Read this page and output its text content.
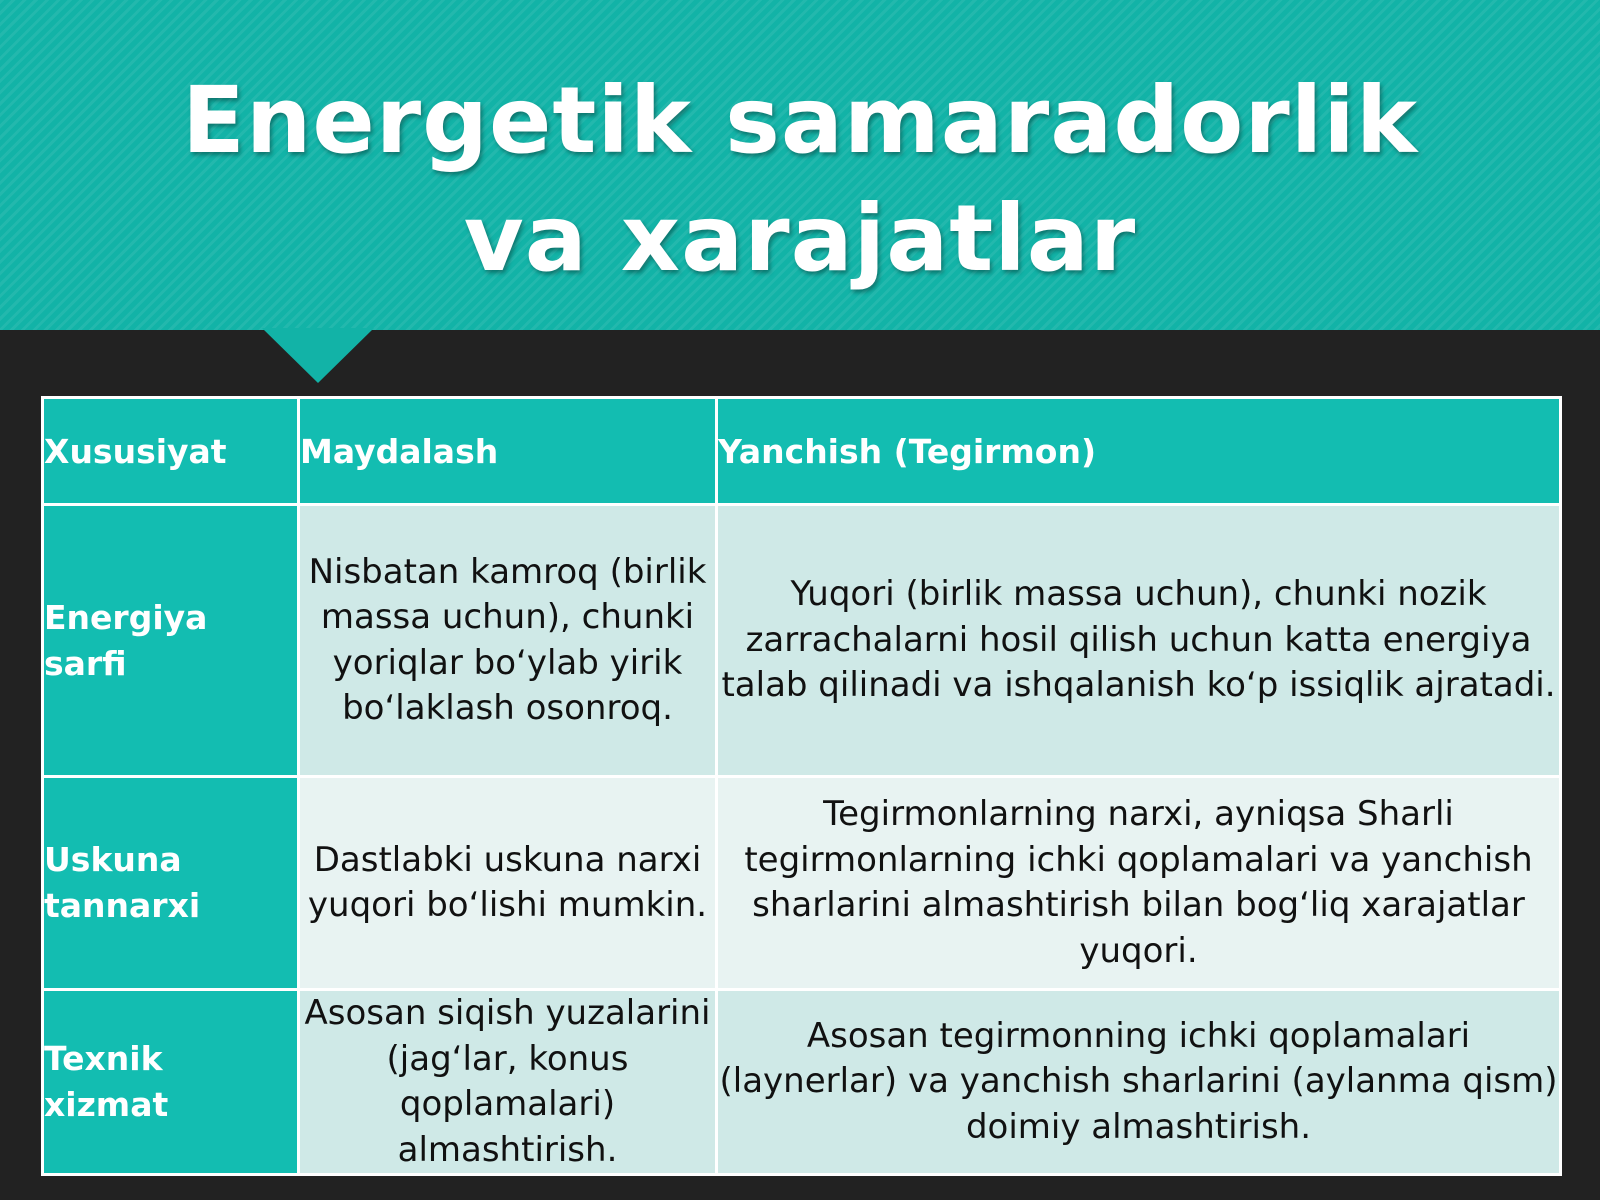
Energetik samaradorlik
va xarajatlar
Xususiyat	Maydalash	Yanchish (Tegirmon)
Energiya sarfi	Nisbatan kamroq (birlik massa uchun), chunki yoriqlar bo‘ylab yirik bo‘laklash osonroq.	Yuqori (birlik massa uchun), chunki nozik zarrachalarni hosil qilish uchun katta energiya talab qilinadi va ishqalanish ko‘p issiqlik ajratadi.
Uskuna tannarxi	Dastlabki uskuna narxi yuqori bo‘lishi mumkin.	Tegirmonlarning narxi, ayniqsa Sharli tegirmonlarning ichki qoplamalari va yanchish sharlarini almashtirish bilan bog‘liq xarajatlar yuqori.
Texnik xizmat	Asosan siqish yuzalarini (jag‘lar, konus qoplamalari) almashtirish.	Asosan tegirmonning ichki qoplamalari (laynerlar) va yanchish sharlarini (aylanma qism) doimiy almashtirish.
